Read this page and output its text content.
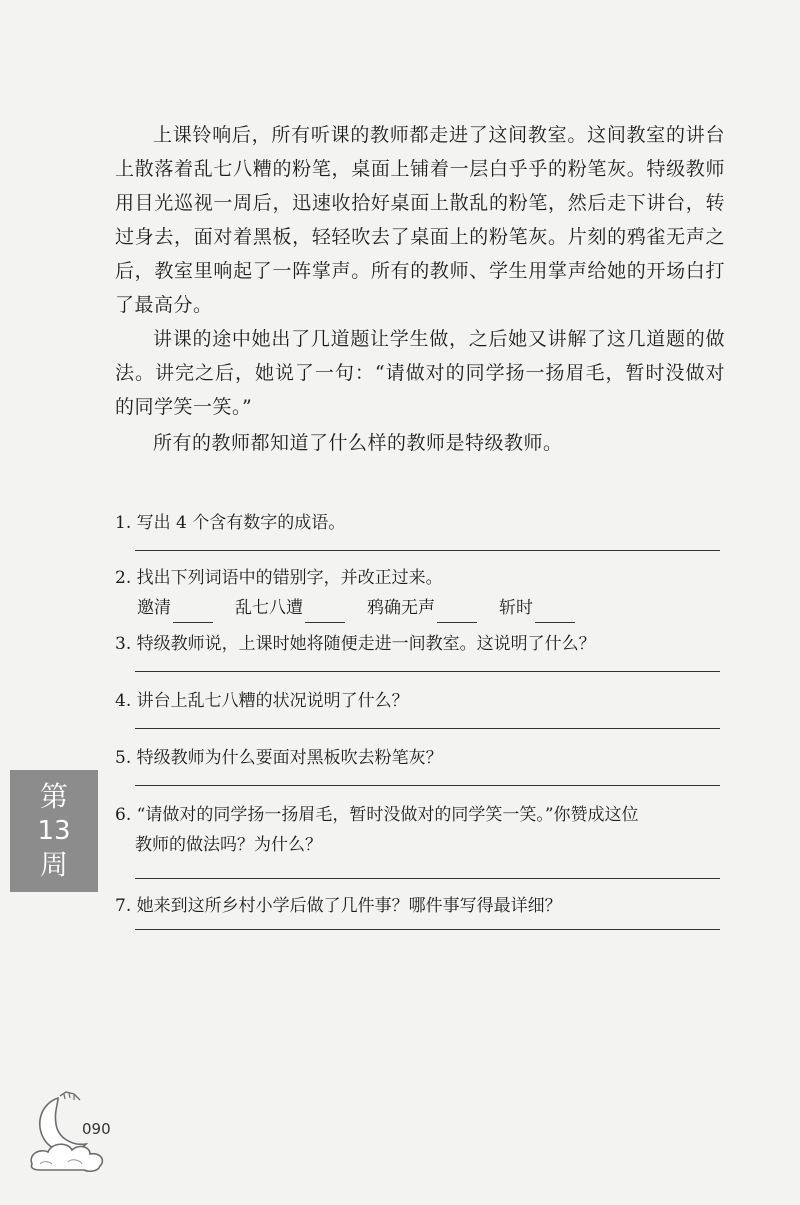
上课铃响后，所有听课的教师都走进了这间教室。这间教室的讲台上散落着乱七八糟的粉笔，桌面上铺着一层白乎乎的粉笔灰。特级教师用目光巡视一周后，迅速收拾好桌面上散乱的粉笔，然后走下讲台，转过身去，面对着黑板，轻轻吹去了桌面上的粉笔灰。片刻的鸦雀无声之后，教室里响起了一阵掌声。所有的教师、学生用掌声给她的开场白打了最高分。

讲课的途中她出了几道题让学生做，之后她又讲解了这几道题的做法。讲完之后，她说了一句：“请做对的同学扬一扬眉毛，暂时没做对的同学笑一笑。”

所有的教师都知道了什么样的教师是特级教师。

1. 写出 4 个含有数字的成语。

2. 找出下列词语中的错别字，并改正过来。

邀清	乱七八遭	鸦确无声	斩时

3. 特级教师说，上课时她将随便走进一间教室。这说明了什么？

4. 讲台上乱七八糟的状况说明了什么？

5. 特级教师为什么要面对黑板吹去粉笔灰？

6. “请做对的同学扬一扬眉毛，暂时没做对的同学笑一笑。”你赞成这位

教师的做法吗？为什么？

7. 她来到这所乡村小学后做了几件事？哪件事写得最详细？

第
13
周
090
